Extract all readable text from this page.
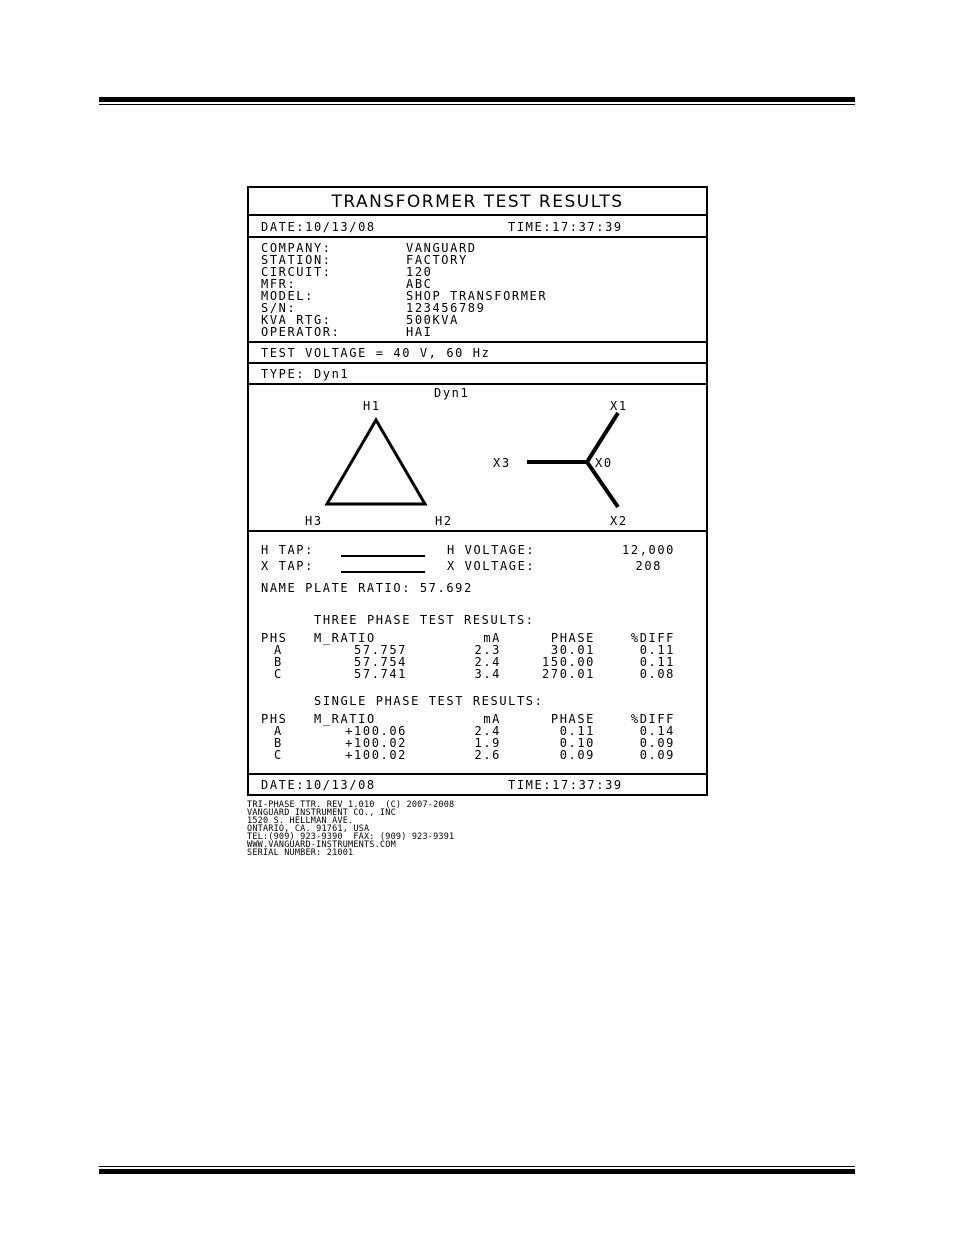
TRANSFORMER TEST RESULTS
DATE:10/13/08	TIME:17:37:39
COMPANY:	VANGUARD
STATION:	FACTORY
CIRCUIT:	120
MFR:	ABC
MODEL:	SHOP TRANSFORMER
S/N:	123456789
KVA RTG:	500KVA
OPERATOR:	HAI
TEST VOLTAGE = 40 V, 60 Hz
TYPE: Dyn1
Dyn1
H1
H3	H2
X1
X3	X0
X2
H TAP:	H VOLTAGE:	12,000
X TAP:	X VOLTAGE:	208
NAME PLATE RATIO: 57.692
THREE PHASE TEST RESULTS:
PHS M_RATIO	mA	PHASE	%DIFF
A	57.757	2.3	30.01	0.11
B	57.754	2.4	150.00	0.11
C	57.741	3.4	270.01	0.08
SINGLE PHASE TEST RESULTS:
PHS M_RATIO	mA	PHASE	%DIFF
A	+100.06	2.4	0.11	0.14
B	+100.02	1.9	0.10	0.09
C	+100.02	2.6	0.09	0.09
DATE:10/13/08	TIME:17:37:39
TRI-PHASE TTR. REV 1.010  (C) 2007-2008
VANGUARD INSTRUMENT CO., INC
1520 S. HELLMAN AVE.
ONTARIO, CA. 91761, USA
TEL:(909) 923-9390  FAX: (909) 923-9391
WWW.VANGUARD-INSTRUMENTS.COM
SERIAL NUMBER: 21001
